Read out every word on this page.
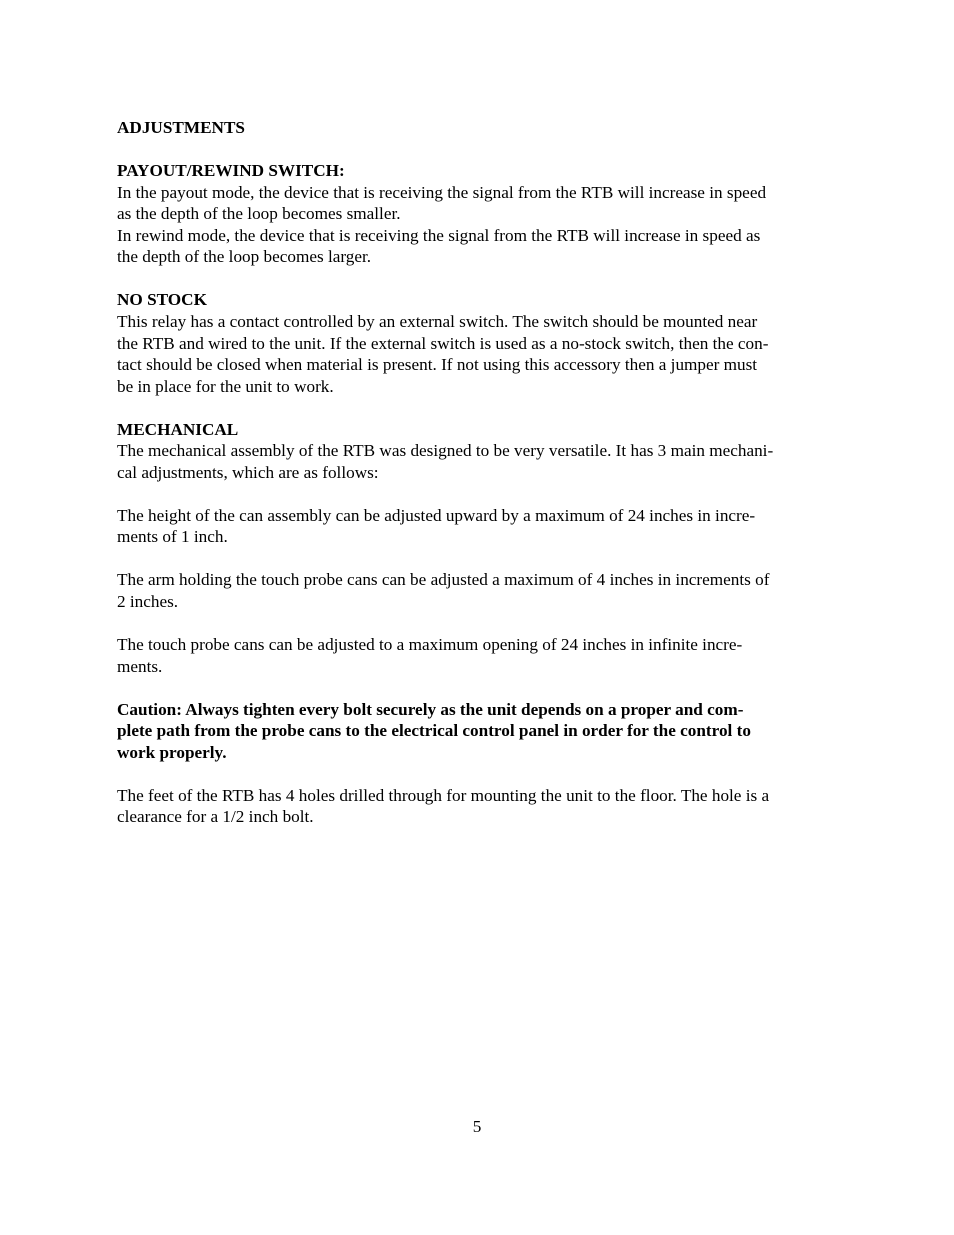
ADJUSTMENTS
PAYOUT/REWIND SWITCH:
In the payout mode, the device that is receiving the signal from the RTB will increase in speed
as the depth of the loop becomes smaller.
In rewind mode, the device that is receiving the signal from the RTB will increase in speed as
the depth of the loop becomes larger.
NO STOCK
This relay has a contact controlled by an external switch. The switch should be mounted near
the RTB and wired to the unit. If the external switch is used as a no-stock switch, then the con-
tact should be closed when material is present. If not using this accessory then a jumper must
be in place for the unit to work.
MECHANICAL
The mechanical assembly of the RTB was designed to be very versatile. It has 3 main mechani-
cal adjustments, which are as follows:
The height of the can assembly can be adjusted upward by a maximum of 24 inches in incre-
ments of 1 inch.
The arm holding the touch probe cans can be adjusted a maximum of 4 inches in increments of
2 inches.
The touch probe cans can be adjusted to a maximum opening of 24 inches in infinite incre-
ments.
Caution: Always tighten every bolt securely as the unit depends on a proper and com-
plete path from the probe cans to the electrical control panel in order for the control to
work properly.
The feet of the RTB has 4 holes drilled through for mounting the unit to the floor. The hole is a
clearance for a 1/2 inch bolt.
5
